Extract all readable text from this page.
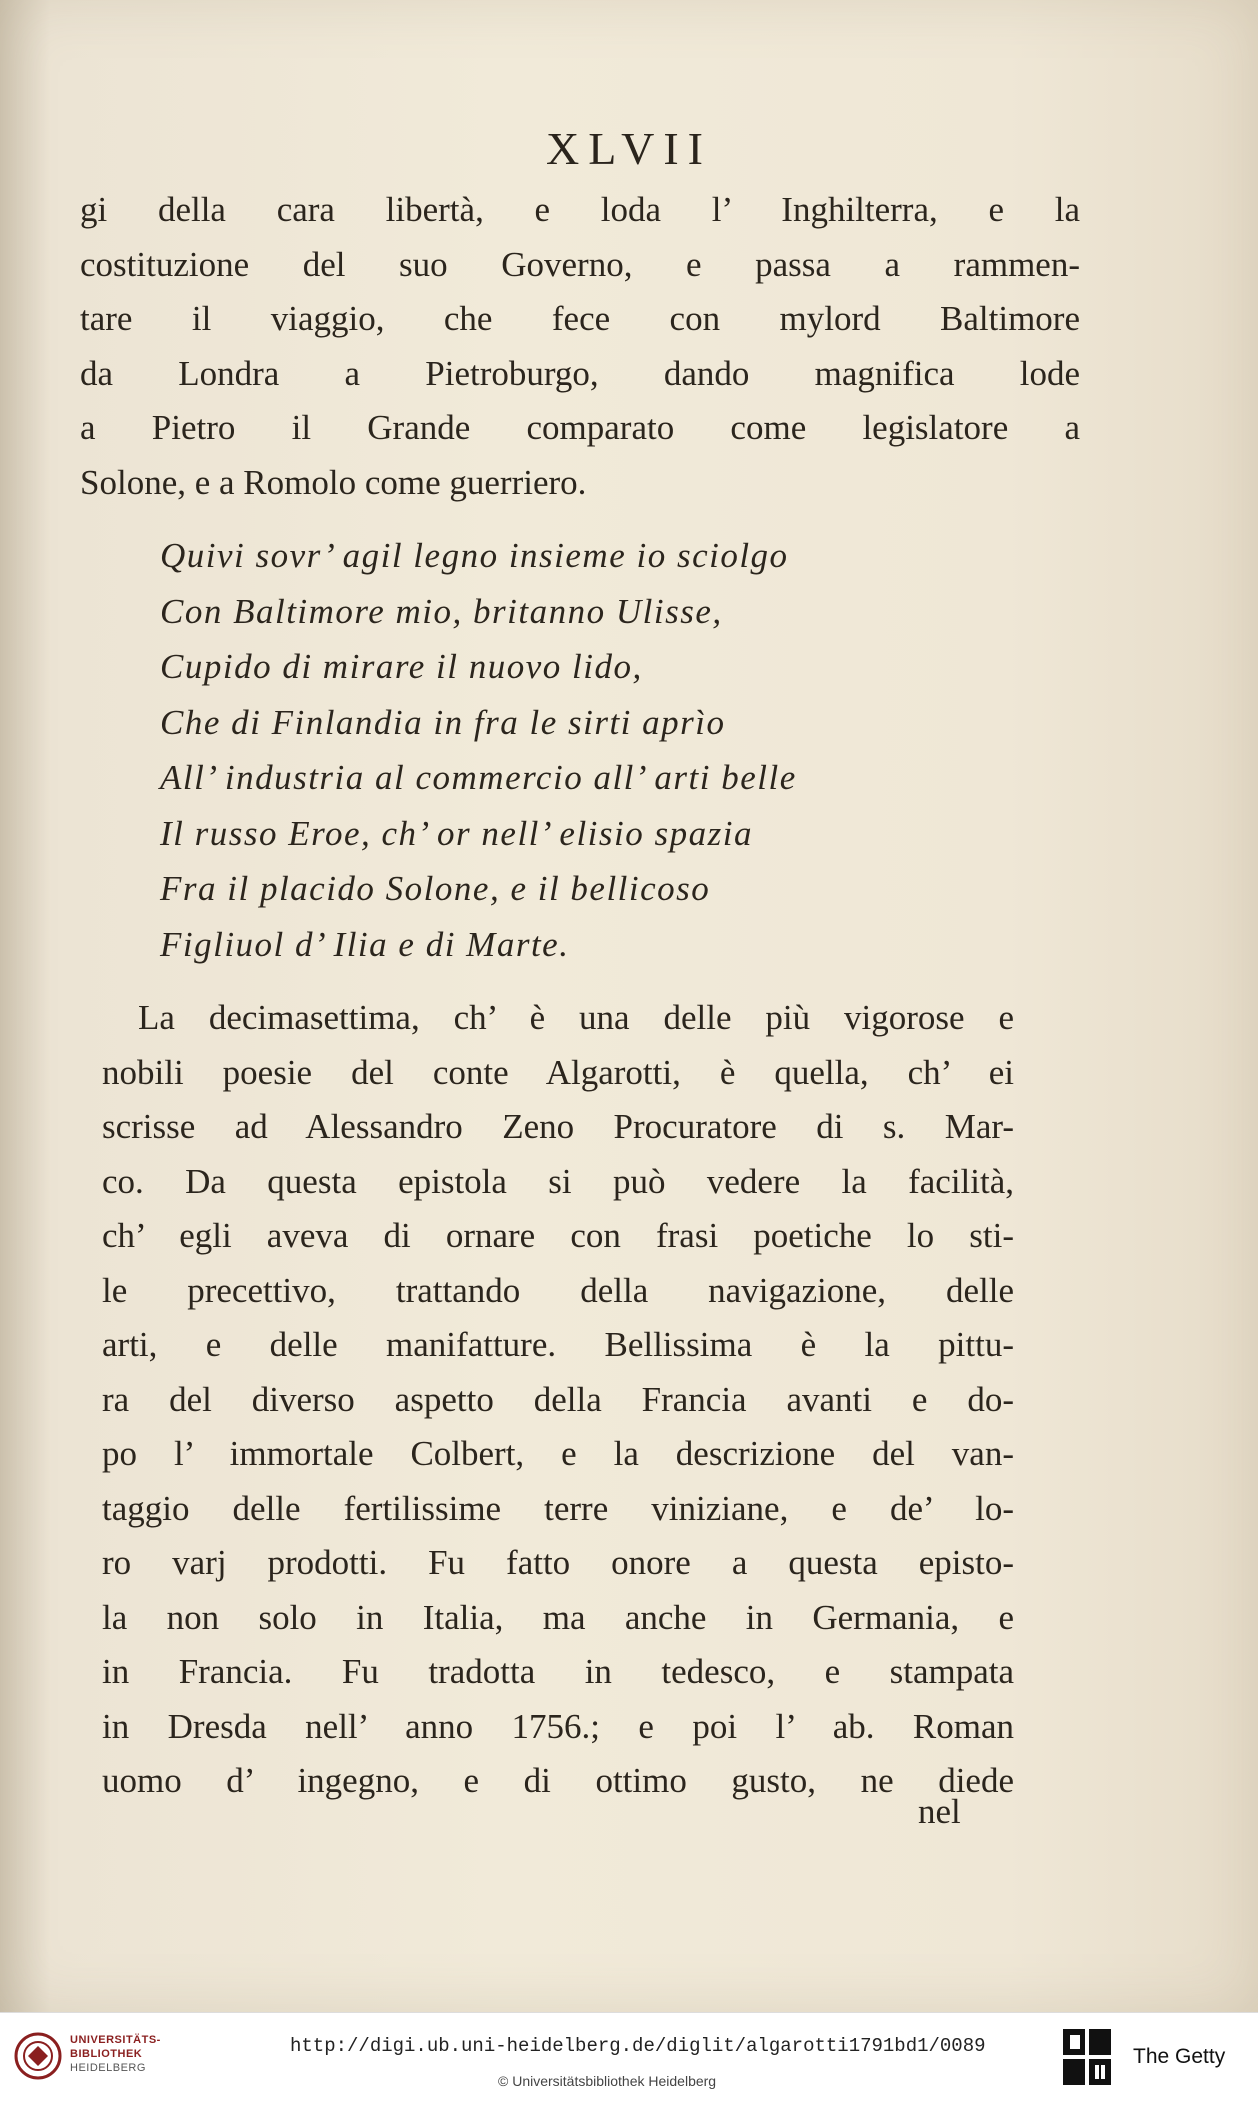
XLVII
gi della cara libertà, e loda l’ Inghilterra, e la
costituzione del suo Governo, e passa a rammen-
tare il viaggio, che fece con mylord Baltimore
da Londra a Pietroburgo, dando magnifica lode
a Pietro il Grande comparato come legislatore a
Solone, e a Romolo come guerriero.
Quivi sovr’ agil legno insieme io sciolgo
Con Baltimore mio, britanno Ulisse,
Cupido di mirare il nuovo lido,
Che di Finlandia in fra le sirti aprìo
All’ industria al commercio all’ arti belle
Il russo Eroe, ch’ or nell’ elisio spazia
Fra il placido Solone, e il bellicoso
Figliuol d’ Ilia e di Marte.
La decimasettima, ch’ è una delle più vigorose e
nobili poesie del conte Algarotti, è quella, ch’ ei
scrisse ad Alessandro Zeno Procuratore di s. Mar-
co. Da questa epistola si può vedere la facilità,
ch’ egli aveva di ornare con frasi poetiche lo sti-
le precettivo, trattando della navigazione, delle
arti, e delle manifatture. Bellissima è la pittu-
ra del diverso aspetto della Francia avanti e do-
po l’ immortale Colbert, e la descrizione del van-
taggio delle fertilissime terre viniziane, e de’ lo-
ro varj prodotti. Fu fatto onore a questa episto-
la non solo in Italia, ma anche in Germania, e
in Francia. Fu tradotta in tedesco, e stampata
in Dresda nell’ anno 1756.; e poi l’ ab. Roman
uomo d’ ingegno, e di ottimo gusto, ne diede
nel
UNIVERSITÄTS-
BIBLIOTHEK
HEIDELBERG
http://digi.ub.uni-heidelberg.de/diglit/algarotti1791bd1/0089
© Universitätsbibliothek Heidelberg
The Getty
